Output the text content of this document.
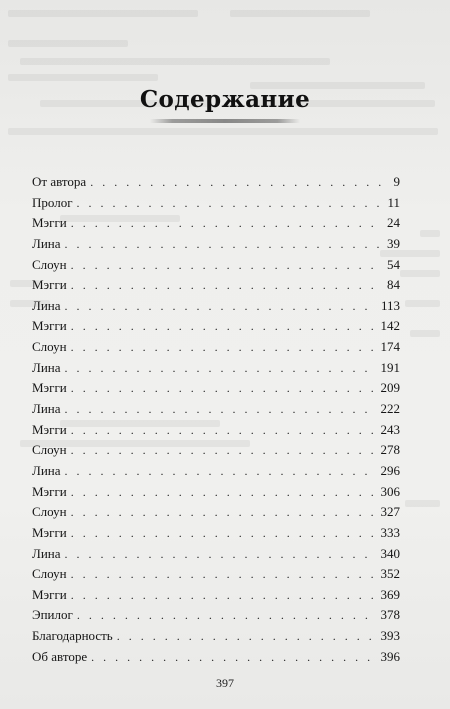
Содержание
От автора . . .	9
Пролог . . .	11
Мэгги . . .	24
Лина . . .	39
Слоун . . .	54
Мэгги . . .	84
Лина . . .	113
Мэгги . . .	142
Слоун . . .	174
Лина . . .	191
Мэгги . . .	209
Лина . . .	222
Мэгги . . .	243
Слоун . . .	278
Лина . . .	296
Мэгги . . .	306
Слоун . . .	327
Мэгги . . .	333
Лина . . .	340
Слоун . . .	352
Мэгги . . .	369
Эпилог . . .	378
Благодарность . . .	393
Об авторе . . .	396
397
